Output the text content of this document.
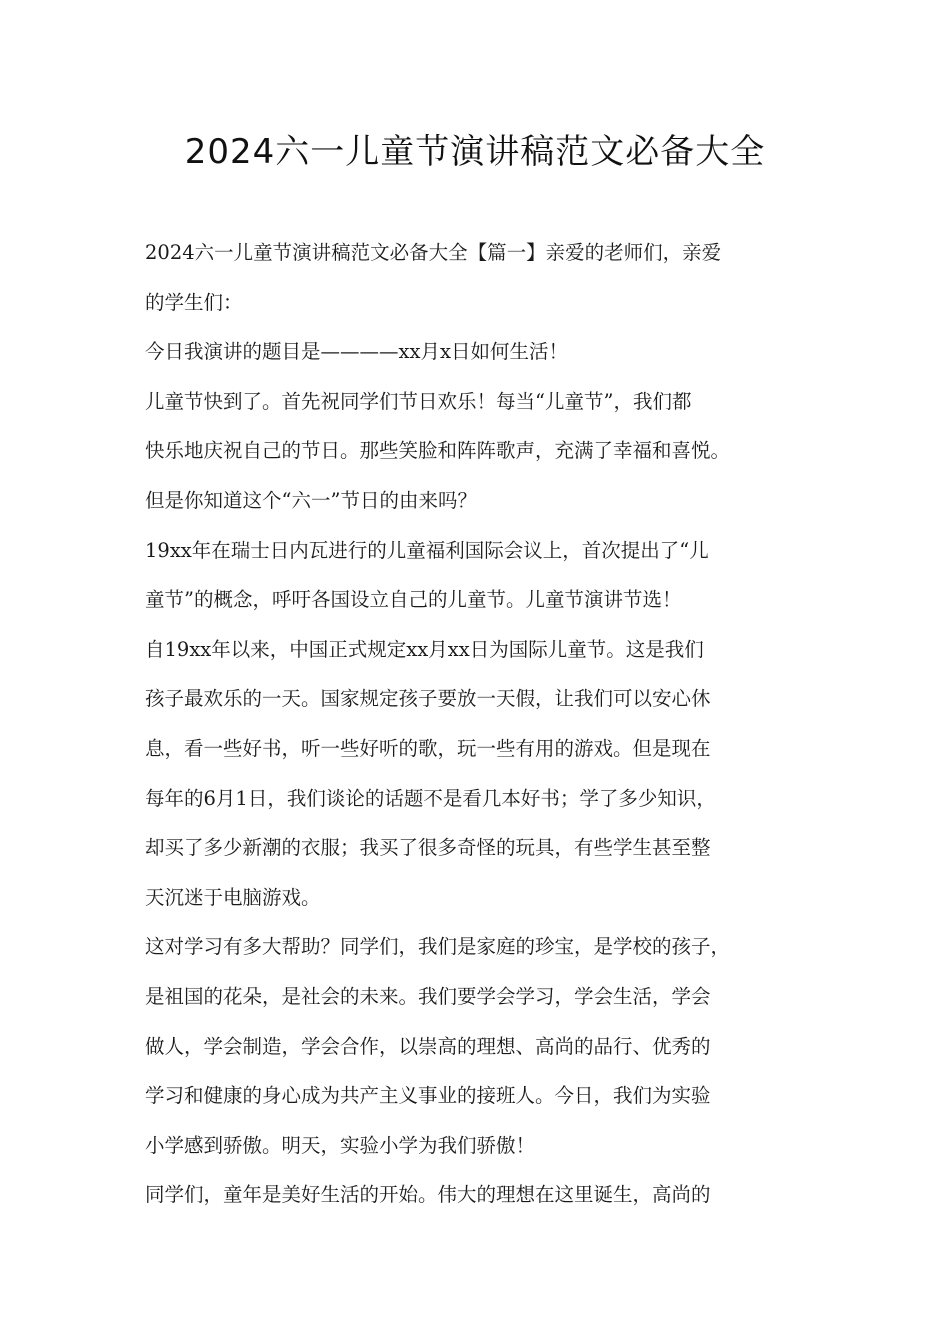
2024六一儿童节演讲稿范文必备大全
2024六一儿童节演讲稿范文必备大全【篇一】亲爱的老师们，亲爱
的学生们：
今日我演讲的题目是————xx月x日如何生活！
儿童节快到了。首先祝同学们节日欢乐！每当“儿童节”，我们都
快乐地庆祝自己的节日。那些笑脸和阵阵歌声，充满了幸福和喜悦。
但是你知道这个“六一”节日的由来吗？
19xx年在瑞士日内瓦进行的儿童福利国际会议上，首次提出了“儿
童节”的概念，呼吁各国设立自己的儿童节。儿童节演讲节选！
自19xx年以来，中国正式规定xx月xx日为国际儿童节。这是我们
孩子最欢乐的一天。国家规定孩子要放一天假，让我们可以安心休
息，看一些好书，听一些好听的歌，玩一些有用的游戏。但是现在
每年的6月1日，我们谈论的话题不是看几本好书；学了多少知识，
却买了多少新潮的衣服；我买了很多奇怪的玩具，有些学生甚至整
天沉迷于电脑游戏。
这对学习有多大帮助？同学们，我们是家庭的珍宝，是学校的孩子，
是祖国的花朵，是社会的未来。我们要学会学习，学会生活，学会
做人，学会制造，学会合作，以崇高的理想、高尚的品行、优秀的
学习和健康的身心成为共产主义事业的接班人。今日，我们为实验
小学感到骄傲。明天，实验小学为我们骄傲！
同学们，童年是美好生活的开始。伟大的理想在这里诞生，高尚的
